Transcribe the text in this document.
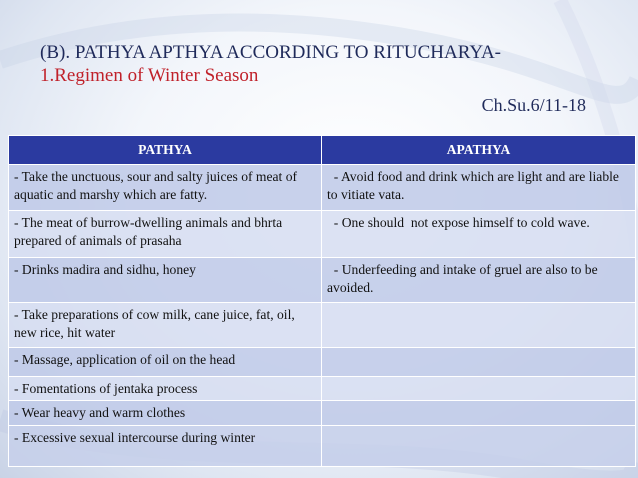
(B). PATHYA APTHYA ACCORDING TO RITUCHARYA-
1.Regimen of Winter Season
Ch.Su.6/11-18
PATHYA	APATHYA
- Take the unctuous, sour and salty juices of meat of aquatic and marshy which are fatty.	- Avoid food and drink which are light and are liable to vitiate vata.
- The meat of burrow-dwelling animals and bhrta prepared of animals of prasaha	- One should  not expose himself to cold wave.
- Drinks madira and sidhu, honey	- Underfeeding and intake of gruel are also to be avoided.
- Take preparations of cow milk, cane juice, fat, oil, new rice, hit water	
- Massage, application of oil on the head	
- Fomentations of jentaka process	
- Wear heavy and warm clothes	
- Excessive sexual intercourse during winter	
